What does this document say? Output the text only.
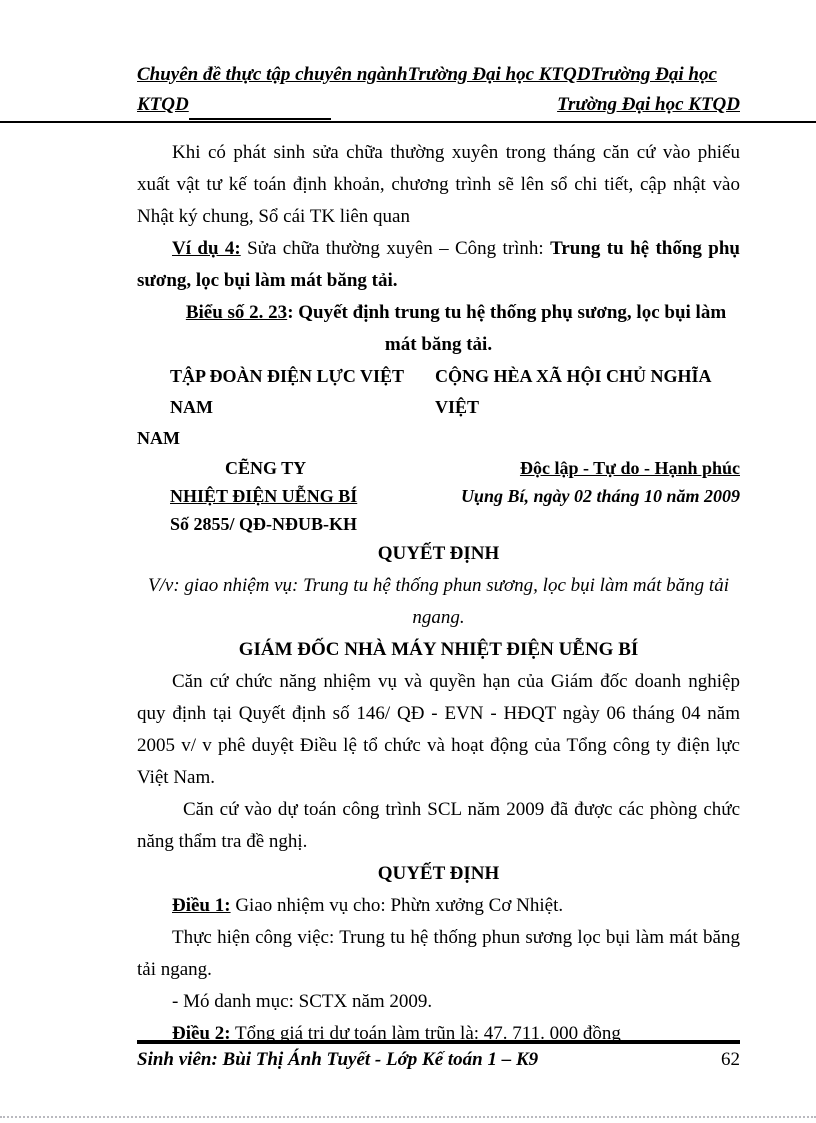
Chuyên đề thực tập chuyên ngànhTrường Đại học KTQDTrường Đại học
KTQD	Trường Đại học KTQD

Khi có phát sinh sửa chữa thường xuyên trong tháng căn cứ vào phiếu xuất vật tư kế toán định khoản, chương trình sẽ lên sổ chi tiết, cập nhật vào Nhật ký chung, Sổ cái TK liên quan

Ví dụ 4: Sửa chữa thường xuyên – Công trình: Trung tu hệ thống phụ sương, lọc bụi làm mát băng tải.

Biểu số 2. 23: Quyết định trung tu hệ thống phụ sương, lọc bụi làm mát băng tải.

TẬP ĐOÀN ĐIỆN LỰC VIỆT NAM
CỘNG HÈA XÃ HỘI CHỦ NGHĨA VIỆT
NAM
CẼNG TY	Độc lập - Tự do - Hạnh phúc
NHIỆT ĐIỆN UỄNG BÍ	Uụng Bí, ngày 02 tháng 10 năm 2009
Số 2855/ QĐ-NĐUB-KH

QUYẾT ĐỊNH

V/v: giao nhiệm vụ: Trung tu hệ thống phun sương, lọc bụi làm mát băng tải ngang.

GIÁM ĐỐC NHÀ MÁY NHIỆT ĐIỆN UỄNG BÍ

Căn cứ chức năng nhiệm vụ và quyền hạn của Giám đốc doanh nghiệp quy định tại Quyết định số 146/ QĐ - EVN - HĐQT ngày 06 tháng 04 năm 2005 v/ v phê duyệt Điều lệ tổ chức và hoạt động của Tổng công ty điện lực Việt Nam.

Căn cứ vào dự toán công trình SCL năm 2009 đã được các phòng chức năng thẩm tra đề nghị.

QUYẾT ĐỊNH

Điều 1: Giao nhiệm vụ cho: Phừn xưởng Cơ Nhiệt.

Thực hiện công việc: Trung tu hệ thống phun sương lọc bụi làm mát băng tải ngang.

- Mó danh mục: SCTX năm 2009.

Điều 2: Tổng giá trị dự toán làm trũn là: 47. 711. 000 đồng

Sinh viên: Bùi Thị Ánh Tuyết - Lớp Kế toán 1 – K9	62
